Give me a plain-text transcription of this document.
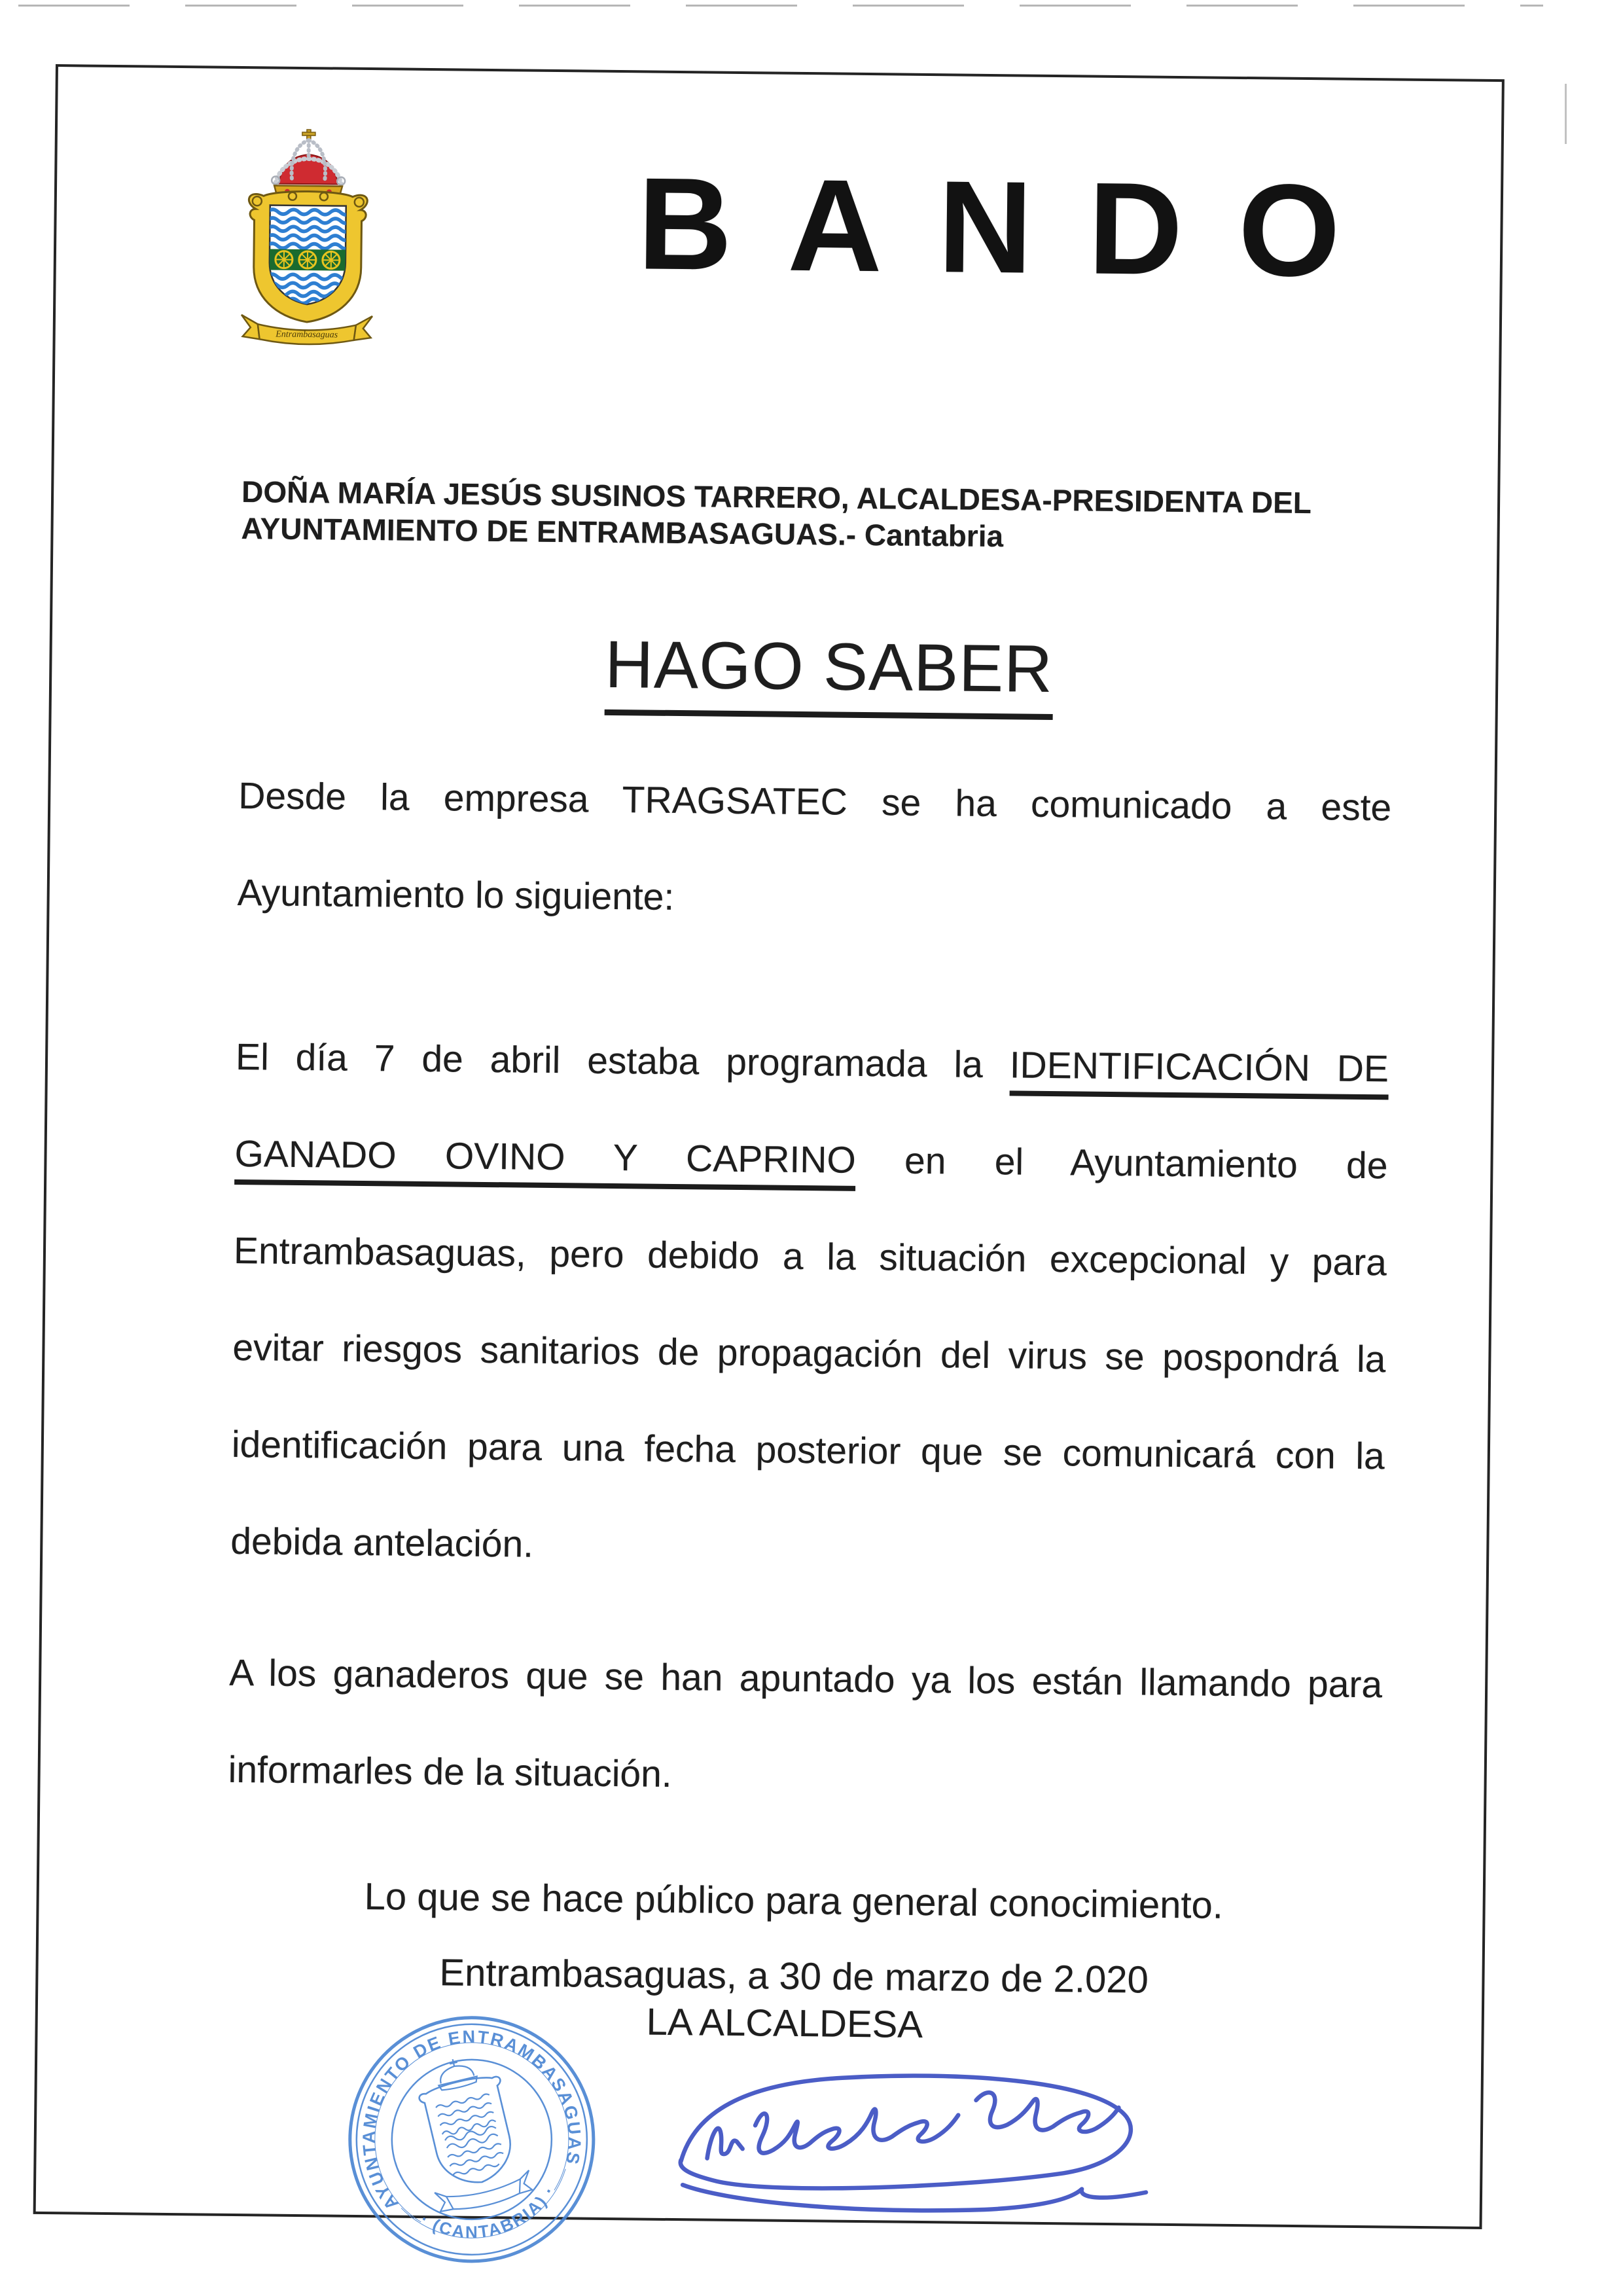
Entrambasaguas
BANDO
DOÑA MARÍA JESÚS SUSINOS TARRERO, ALCALDESA-PRESIDENTA DEL
AYUNTAMIENTO DE ENTRAMBASAGUAS.- Cantabria
HAGO SABER
Desde la empresa TRAGSATEC se ha comunicado a este
Ayuntamiento lo siguiente:
El día 7 de abril estaba programada la IDENTIFICACIÓN DE
GANADO OVINO Y CAPRINO en el Ayuntamiento de
Entrambasaguas, pero debido a la situación excepcional y para
evitar riesgos sanitarios de propagación del virus se pospondrá la
identificación para una fecha posterior que se comunicará con la
debida antelación.
A los ganaderos que se han apuntado ya los están llamando para
informarles de la situación.
Lo que se hace público para general conocimiento.
Entrambasaguas, a 30 de marzo de 2.020
LA ALCALDESA
AYUNTAMIENTO DE ENTRAMBASAGUAS
· (CANTABRIA) ·
